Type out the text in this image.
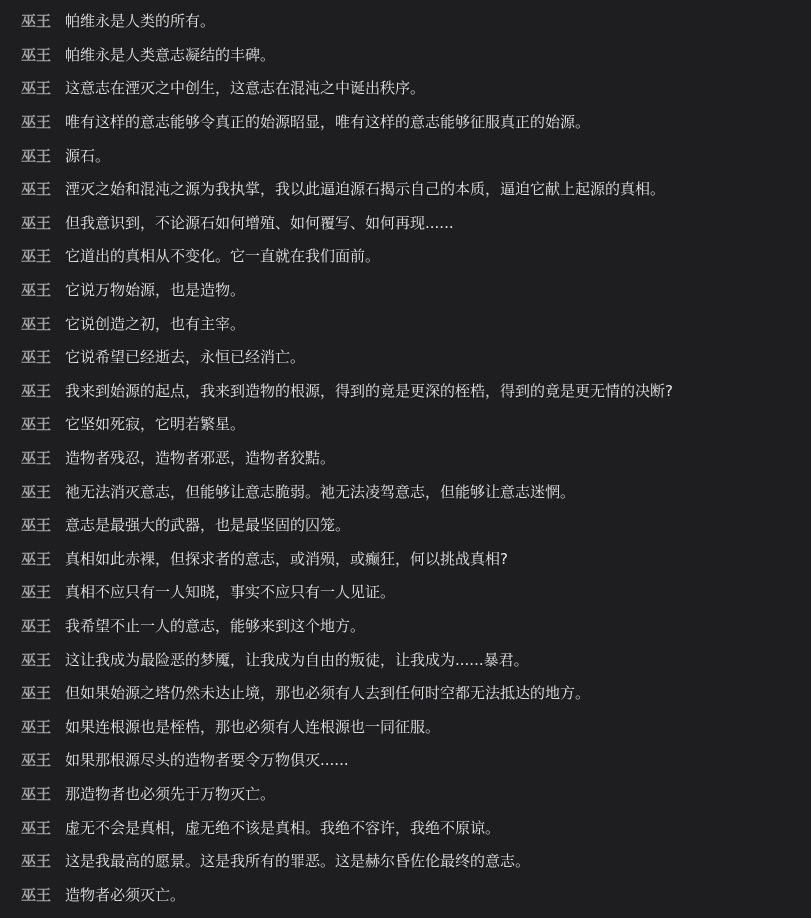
巫王 帕维永是人类的所有。
巫王 帕维永是人类意志凝结的丰碑。
巫王 这意志在湮灭之中创生，这意志在混沌之中诞出秩序。
巫王 唯有这样的意志能够令真正的始源昭显，唯有这样的意志能够征服真正的始源。
巫王 源石。
巫王 湮灭之始和混沌之源为我执掌，我以此逼迫源石揭示自己的本质，逼迫它献上起源的真相。
巫王 但我意识到，不论源石如何增殖、如何覆写、如何再现......
巫王 它道出的真相从不变化。它一直就在我们面前。
巫王 它说万物始源，也是造物。
巫王 它说创造之初，也有主宰。
巫王 它说希望已经逝去，永恒已经消亡。
巫王 我来到始源的起点，我来到造物的根源，得到的竟是更深的桎梏，得到的竟是更无情的决断?
巫王 它坚如死寂，它明若繁星。
巫王 造物者残忍，造物者邪恶，造物者狡黠。
巫王 祂无法消灭意志，但能够让意志脆弱。祂无法凌驾意志，但能够让意志迷惘。
巫王 意志是最强大的武器，也是最坚固的囚笼。
巫王 真相如此赤裸，但探求者的意志，或消殒，或癫狂，何以挑战真相?
巫王 真相不应只有一人知晓，事实不应只有一人见证。
巫王 我希望不止一人的意志，能够来到这个地方。
巫王 这让我成为最险恶的梦魇，让我成为自由的叛徒，让我成为......暴君。
巫王 但如果始源之塔仍然未达止境，那也必须有人去到任何时空都无法抵达的地方。
巫王 如果连根源也是桎梏，那也必须有人连根源也一同征服。
巫王 如果那根源尽头的造物者要令万物俱灭......
巫王 那造物者也必须先于万物灭亡。
巫王 虚无不会是真相，虚无绝不该是真相。我绝不容许，我绝不原谅。
巫王 这是我最高的愿景。这是我所有的罪恶。这是赫尔昏佐伦最终的意志。
巫王 造物者必须灭亡。
